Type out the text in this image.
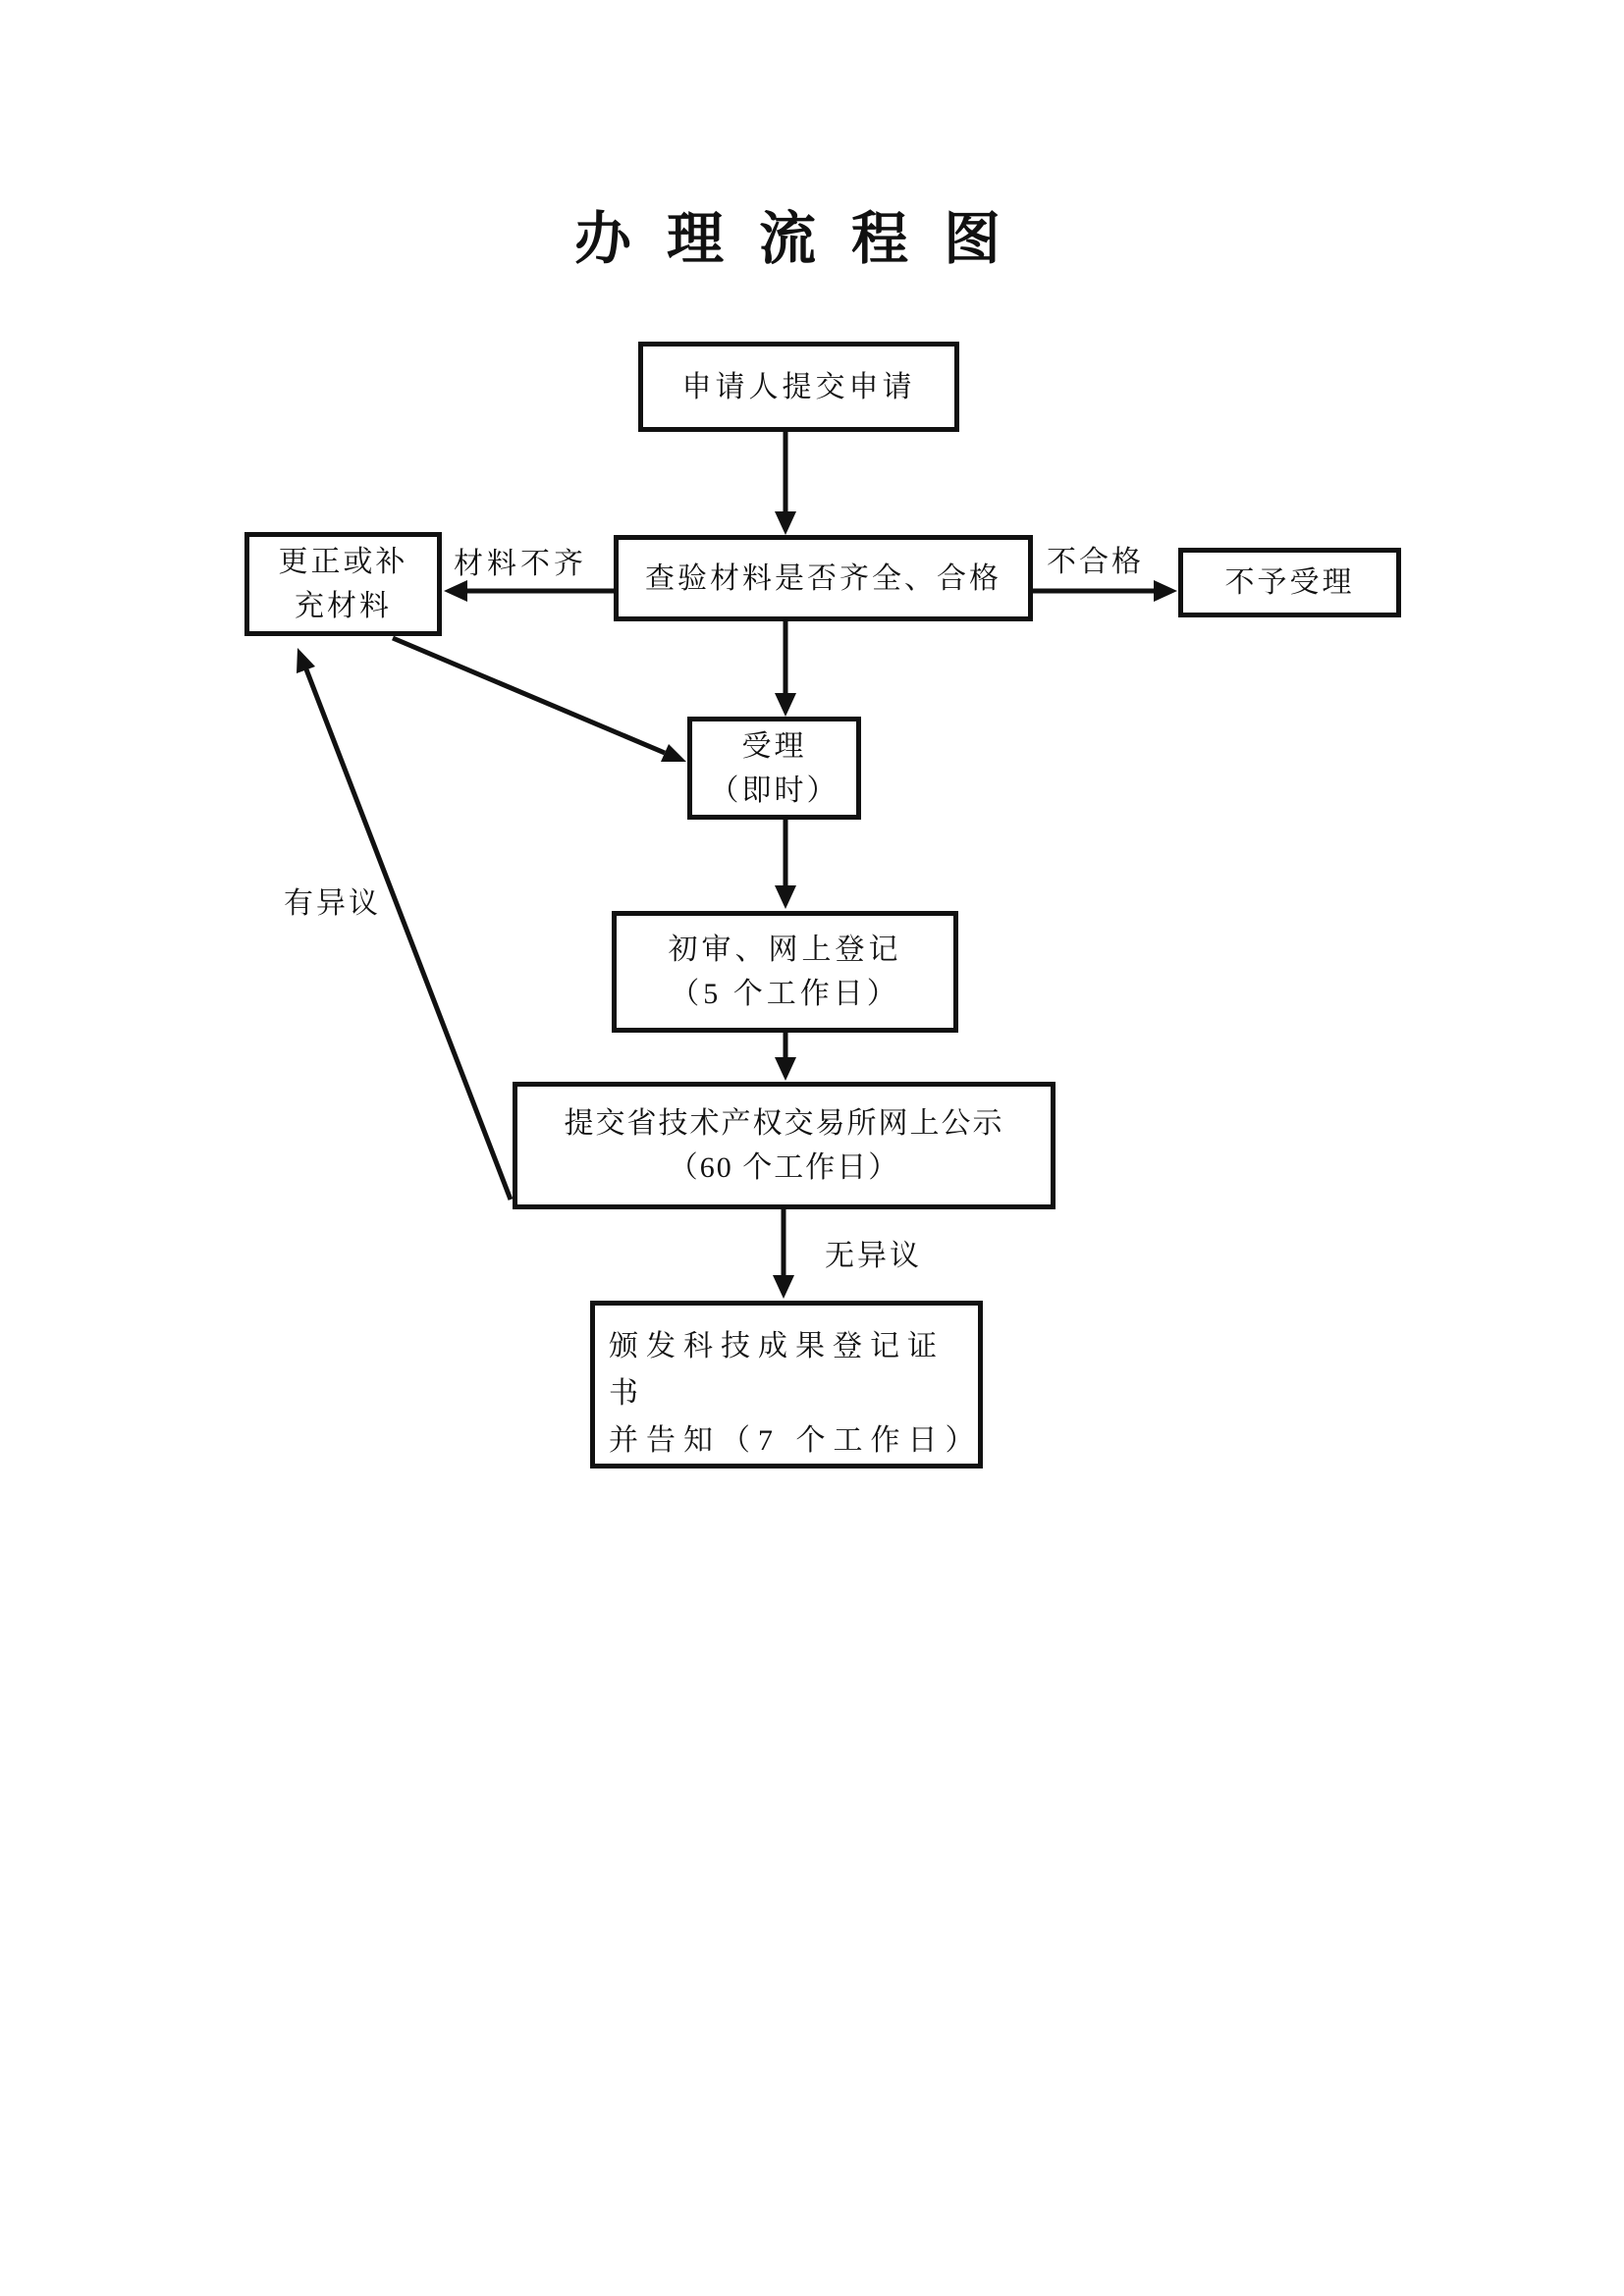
办理流程图
申请人提交申请
查验材料是否齐全、合格
更正或补
充材料
不予受理
受理
（即时）
初审、网上登记
（5 个工作日）
提交省技术产权交易所网上公示
（60 个工作日）
颁发科技成果登记证书
并告知（7 个工作日）
材料不齐	不合格
有异议
无异议
